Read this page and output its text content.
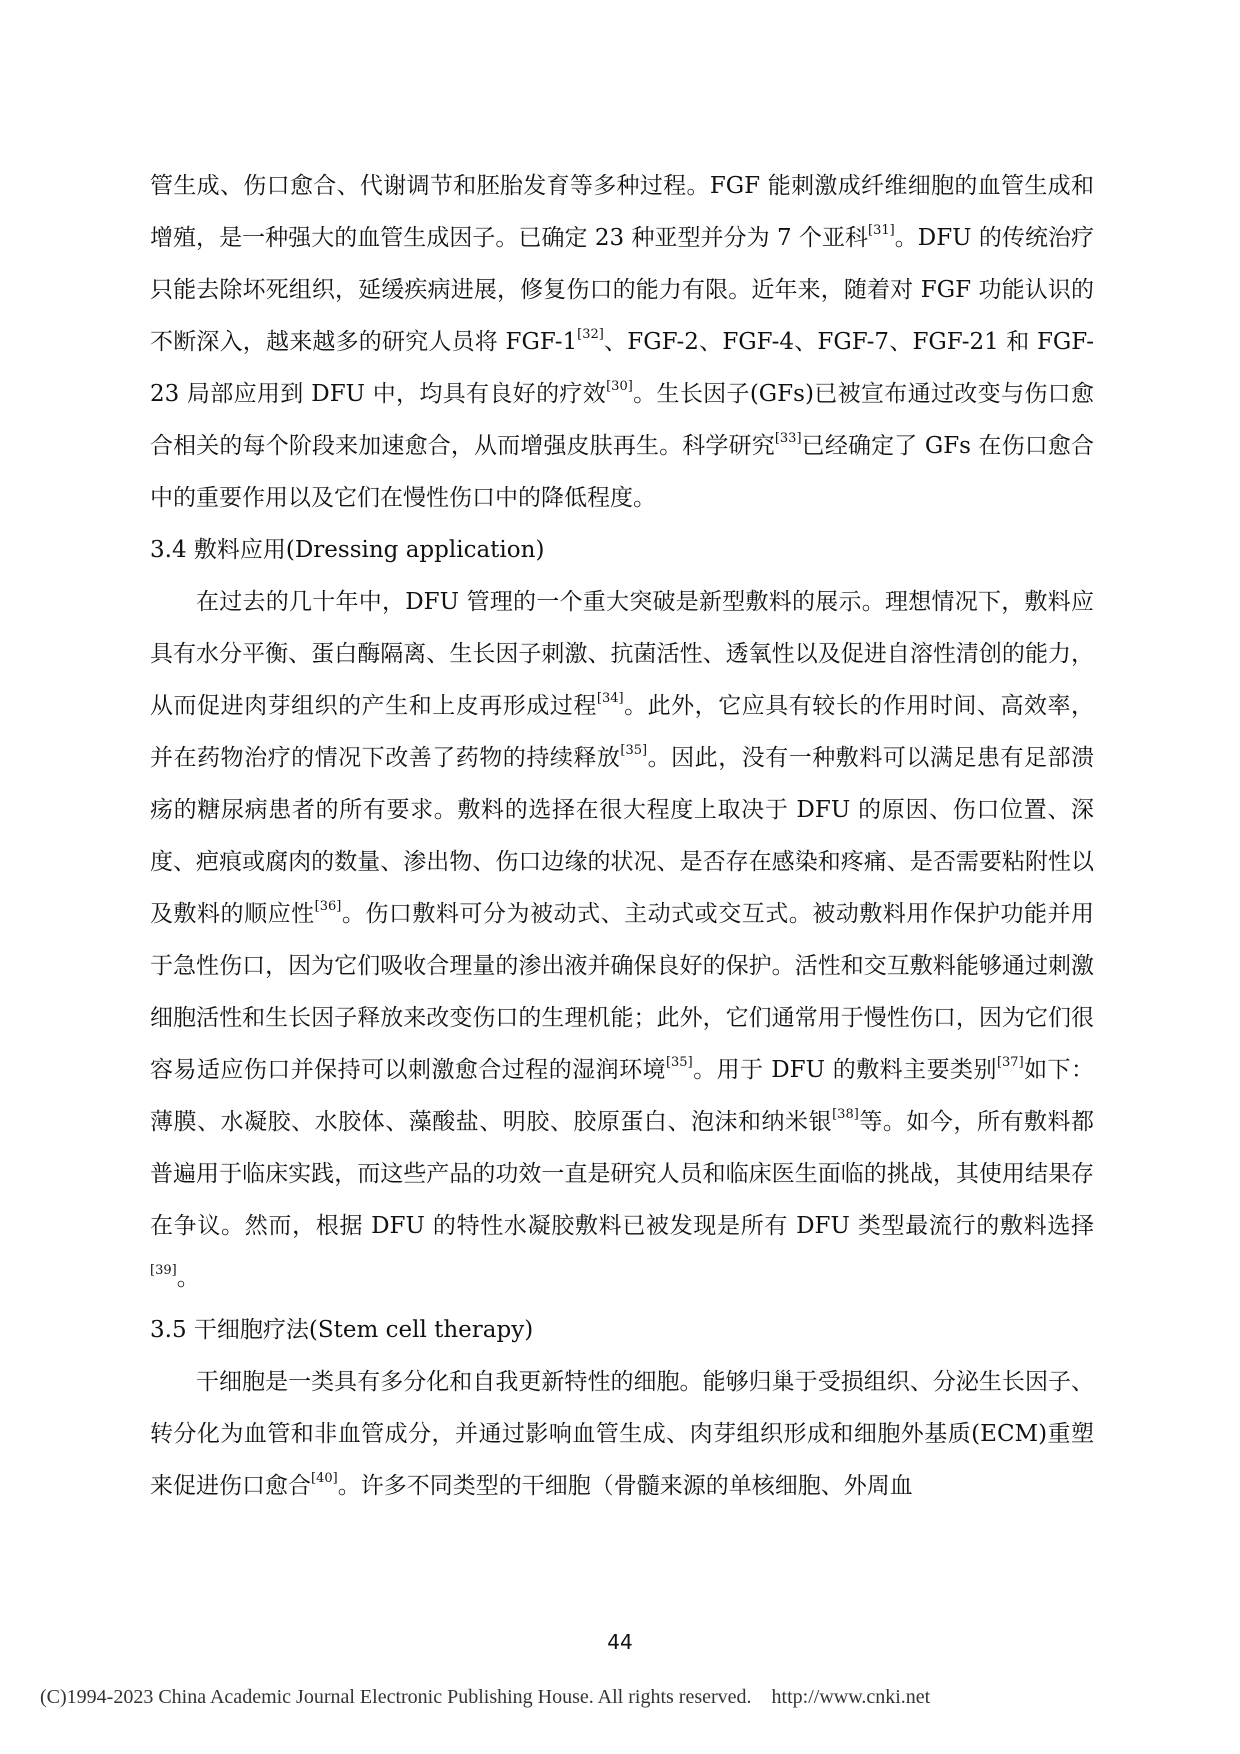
管生成、伤口愈合、代谢调节和胚胎发育等多种过程。FGF 能刺激成纤维细胞的血管生成和增殖，是一种强大的血管生成因子。已确定 23 种亚型并分为 7 个亚科[31]。DFU 的传统治疗只能去除坏死组织，延缓疾病进展，修复伤口的能力有限。近年来，随着对 FGF 功能认识的不断深入，越来越多的研究人员将 FGF-1[32]、FGF-2、FGF-4、FGF-7、FGF-21 和 FGF-23 局部应用到 DFU 中，均具有良好的疗效[30]。生长因子(GFs)已被宣布通过改变与伤口愈合相关的每个阶段来加速愈合，从而增强皮肤再生。科学研究[33]已经确定了 GFs 在伤口愈合中的重要作用以及它们在慢性伤口中的降低程度。

3.4 敷料应用(Dressing application)

在过去的几十年中，DFU 管理的一个重大突破是新型敷料的展示。理想情况下，敷料应具有水分平衡、蛋白酶隔离、生长因子刺激、抗菌活性、透氧性以及促进自溶性清创的能力，从而促进肉芽组织的产生和上皮再形成过程[34]。此外，它应具有较长的作用时间、高效率，并在药物治疗的情况下改善了药物的持续释放[35]。因此，没有一种敷料可以满足患有足部溃疡的糖尿病患者的所有要求。敷料的选择在很大程度上取决于 DFU 的原因、伤口位置、深度、疤痕或腐肉的数量、渗出物、伤口边缘的状况、是否存在感染和疼痛、是否需要粘附性以及敷料的顺应性[36]。伤口敷料可分为被动式、主动式或交互式。被动敷料用作保护功能并用于急性伤口，因为它们吸收合理量的渗出液并确保良好的保护。活性和交互敷料能够通过刺激细胞活性和生长因子释放来改变伤口的生理机能；此外，它们通常用于慢性伤口，因为它们很容易适应伤口并保持可以刺激愈合过程的湿润环境[35]。用于 DFU 的敷料主要类别[37]如下：薄膜、水凝胶、水胶体、藻酸盐、明胶、胶原蛋白、泡沫和纳米银[38]等。如今，所有敷料都普遍用于临床实践，而这些产品的功效一直是研究人员和临床医生面临的挑战，其使用结果存在争议。然而，根据 DFU 的特性水凝胶敷料已被发现是所有 DFU 类型最流行的敷料选择[39]。

3.5 干细胞疗法(Stem cell therapy)

干细胞是一类具有多分化和自我更新特性的细胞。能够归巢于受损组织、分泌生长因子、转分化为血管和非血管成分，并通过影响血管生成、肉芽组织形成和细胞外基质(ECM)重塑来促进伤口愈合[40]。许多不同类型的干细胞（骨髓来源的单核细胞、外周血

44
(C)1994-2023 China Academic Journal Electronic Publishing House. All rights reserved. http://www.cnki.net
